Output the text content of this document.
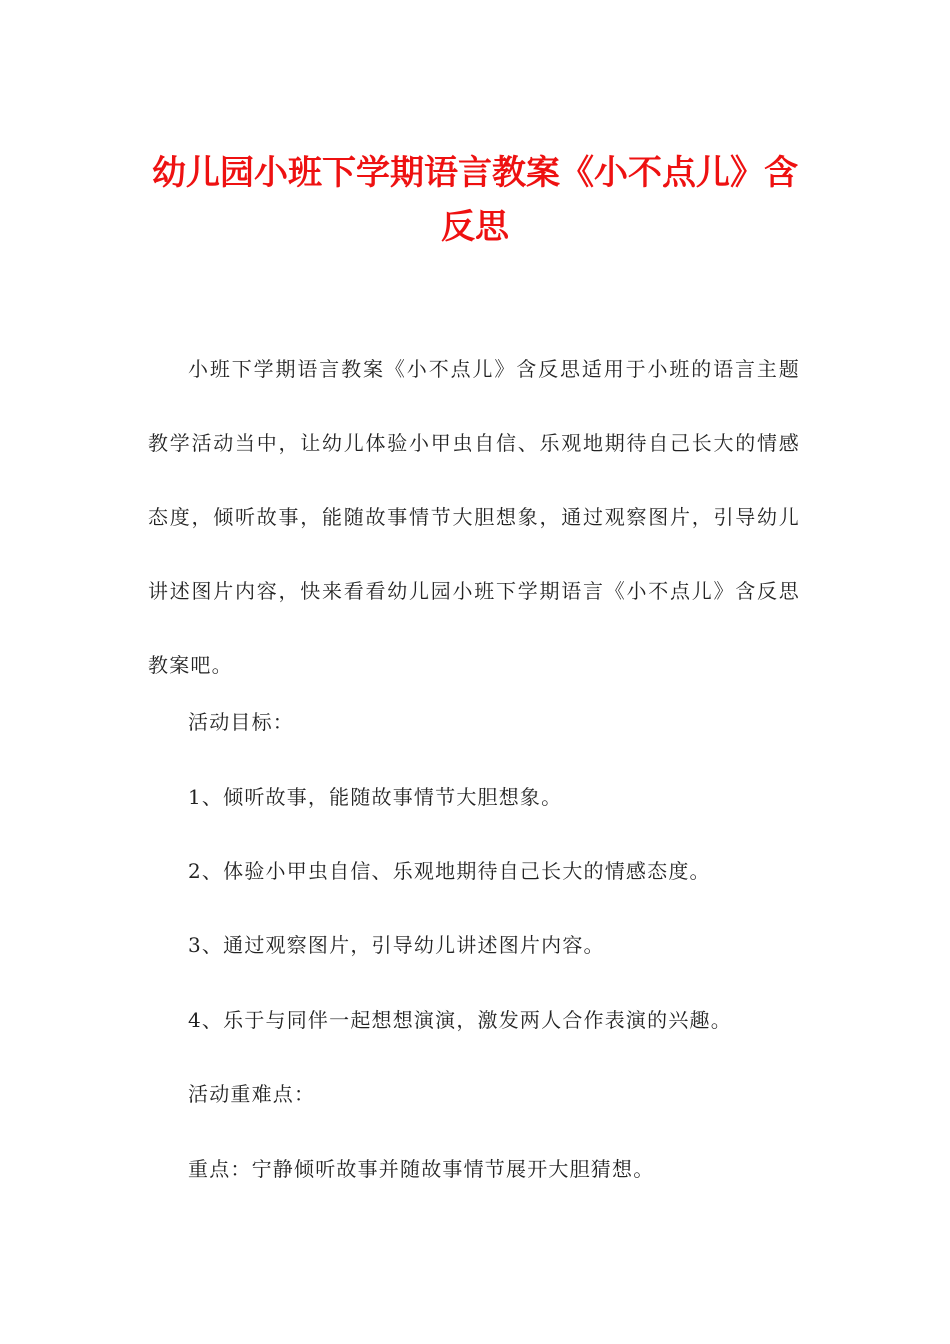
幼儿园小班下学期语言教案《小不点儿》含反思

小班下学期语言教案《小不点儿》含反思适用于小班的语言主题教学活动当中，让幼儿体验小甲虫自信、乐观地期待自己长大的情感态度，倾听故事，能随故事情节大胆想象，通过观察图片，引导幼儿讲述图片内容，快来看看幼儿园小班下学期语言《小不点儿》含反思教案吧。

活动目标：

1、倾听故事，能随故事情节大胆想象。

2、体验小甲虫自信、乐观地期待自己长大的情感态度。

3、通过观察图片，引导幼儿讲述图片内容。

4、乐于与同伴一起想想演演，激发两人合作表演的兴趣。

活动重难点：

重点：宁静倾听故事并随故事情节展开大胆猜想。
